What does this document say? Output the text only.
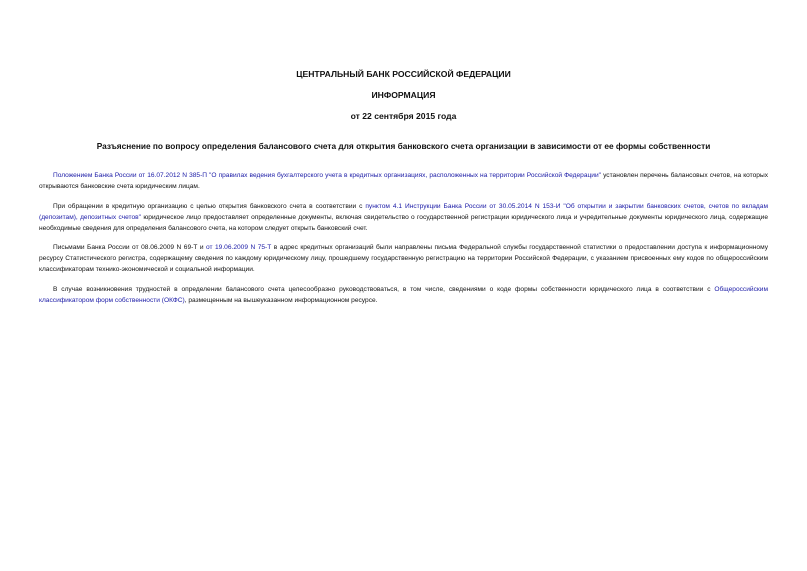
ЦЕНТРАЛЬНЫЙ БАНК РОССИЙСКОЙ ФЕДЕРАЦИИ
ИНФОРМАЦИЯ
от 22 сентября 2015 года
Разъяснение по вопросу определения балансового счета для открытия банковского счета организации в зависимости от ее формы собственности

Положением Банка России от 16.07.2012 N 385-П "О правилах ведения бухгалтерского учета в кредитных организациях, расположенных на территории Российской Федерации" установлен перечень балансовых счетов, на которых открываются банковские счета юридическим лицам.

При обращении в кредитную организацию с целью открытия банковского счета в соответствии с пунктом 4.1 Инструкции Банка России от 30.05.2014 N 153-И "Об открытии и закрытии банковских счетов, счетов по вкладам (депозитам), депозитных счетов" юридическое лицо предоставляет определенные документы, включая свидетельство о государственной регистрации юридического лица и учредительные документы юридического лица, содержащие необходимые сведения для определения балансового счета, на котором следует открыть банковский счет.

Письмами Банка России от 08.06.2009 N 69-Т и от 19.06.2009 N 75-Т в адрес кредитных организаций были направлены письма Федеральной службы государственной статистики о предоставлении доступа к информационному ресурсу Статистического регистра, содержащему сведения по каждому юридическому лицу, прошедшему государственную регистрацию на территории Российской Федерации, с указанием присвоенных ему кодов по общероссийским классификаторам технико-экономической и социальной информации.

В случае возникновения трудностей в определении балансового счета целесообразно руководствоваться, в том числе, сведениями о коде формы собственности юридического лица в соответствии с Общероссийским классификатором форм собственности (ОКФС), размещенным на вышеуказанном информационном ресурсе.
